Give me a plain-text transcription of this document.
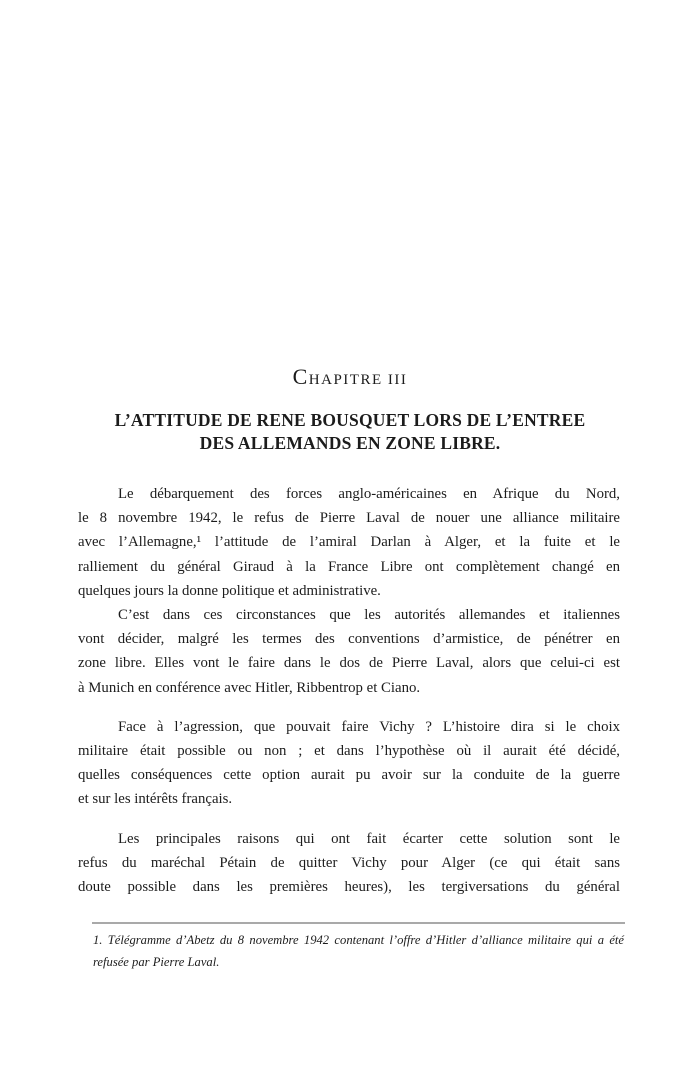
CHAPITRE III
L’ATTITUDE DE RENE BOUSQUET LORS DE L’ENTREE
DES ALLEMANDS EN ZONE LIBRE.
Le débarquement des forces anglo-américaines en Afrique du Nord,
le 8 novembre 1942, le refus de Pierre Laval de nouer une alliance militaire
avec l’Allemagne,¹ l’attitude de l’amiral Darlan à Alger, et la fuite et le
ralliement du général Giraud à la France Libre ont complètement changé en
quelques jours la donne politique et administrative.
C’est dans ces circonstances que les autorités allemandes et italiennes
vont décider, malgré les termes des conventions d’armistice, de pénétrer en
zone libre. Elles vont le faire dans le dos de Pierre Laval, alors que celui-ci est
à Munich en conférence avec Hitler, Ribbentrop et Ciano.
Face à l’agression, que pouvait faire Vichy ? L’histoire dira si le choix
militaire était possible ou non ; et dans l’hypothèse où il aurait été décidé,
quelles conséquences cette option aurait pu avoir sur la conduite de la guerre
et sur les intérêts français.
Les principales raisons qui ont fait écarter cette solution sont le
refus du maréchal Pétain de quitter Vichy pour Alger (ce qui était sans
doute possible dans les premières heures), les tergiversations du général
1. Télégramme d’Abetz du 8 novembre 1942 contenant l’offre d’Hitler d’alliance militaire qui a été
refusée par Pierre Laval.
